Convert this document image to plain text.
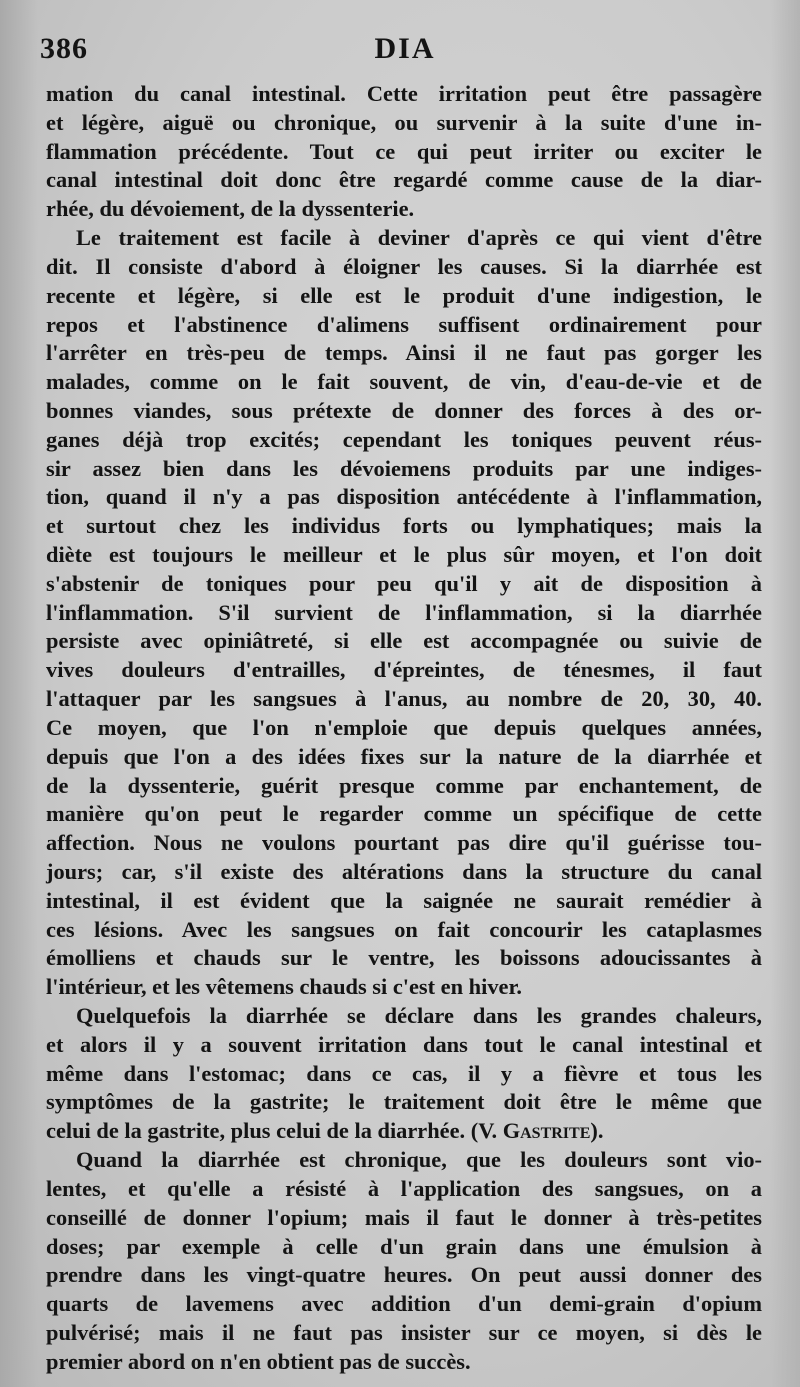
386	DIA
mation du canal intestinal. Cette irritation peut être passagère
et légère, aiguë ou chronique, ou survenir à la suite d'une in-
flammation précédente. Tout ce qui peut irriter ou exciter le
canal intestinal doit donc être regardé comme cause de la diar-
rhée, du dévoiement, de la dyssenterie.
Le traitement est facile à deviner d'après ce qui vient d'être
dit. Il consiste d'abord à éloigner les causes. Si la diarrhée est
recente et légère, si elle est le produit d'une indigestion, le
repos et l'abstinence d'alimens suffisent ordinairement pour
l'arrêter en très-peu de temps. Ainsi il ne faut pas gorger les
malades, comme on le fait souvent, de vin, d'eau-de-vie et de
bonnes viandes, sous prétexte de donner des forces à des or-
ganes déjà trop excités; cependant les toniques peuvent réus-
sir assez bien dans les dévoiemens produits par une indiges-
tion, quand il n'y a pas disposition antécédente à l'inflammation,
et surtout chez les individus forts ou lymphatiques; mais la
diète est toujours le meilleur et le plus sûr moyen, et l'on doit
s'abstenir de toniques pour peu qu'il y ait de disposition à
l'inflammation. S'il survient de l'inflammation, si la diarrhée
persiste avec opiniâtreté, si elle est accompagnée ou suivie de
vives douleurs d'entrailles, d'épreintes, de ténesmes, il faut
l'attaquer par les sangsues à l'anus, au nombre de 20, 30, 40.
Ce moyen, que l'on n'emploie que depuis quelques années,
depuis que l'on a des idées fixes sur la nature de la diarrhée et
de la dyssenterie, guérit presque comme par enchantement, de
manière qu'on peut le regarder comme un spécifique de cette
affection. Nous ne voulons pourtant pas dire qu'il guérisse tou-
jours; car, s'il existe des altérations dans la structure du canal
intestinal, il est évident que la saignée ne saurait remédier à
ces lésions. Avec les sangsues on fait concourir les cataplasmes
émolliens et chauds sur le ventre, les boissons adoucissantes à
l'intérieur, et les vêtemens chauds si c'est en hiver.
Quelquefois la diarrhée se déclare dans les grandes chaleurs,
et alors il y a souvent irritation dans tout le canal intestinal et
même dans l'estomac; dans ce cas, il y a fièvre et tous les
symptômes de la gastrite; le traitement doit être le même que
celui de la gastrite, plus celui de la diarrhée. (V. Gastrite).
Quand la diarrhée est chronique, que les douleurs sont vio-
lentes, et qu'elle a résisté à l'application des sangsues, on a
conseillé de donner l'opium; mais il faut le donner à très-petites
doses; par exemple à celle d'un grain dans une émulsion à
prendre dans les vingt-quatre heures. On peut aussi donner des
quarts de lavemens avec addition d'un demi-grain d'opium
pulvérisé; mais il ne faut pas insister sur ce moyen, si dès le
premier abord on n'en obtient pas de succès.
